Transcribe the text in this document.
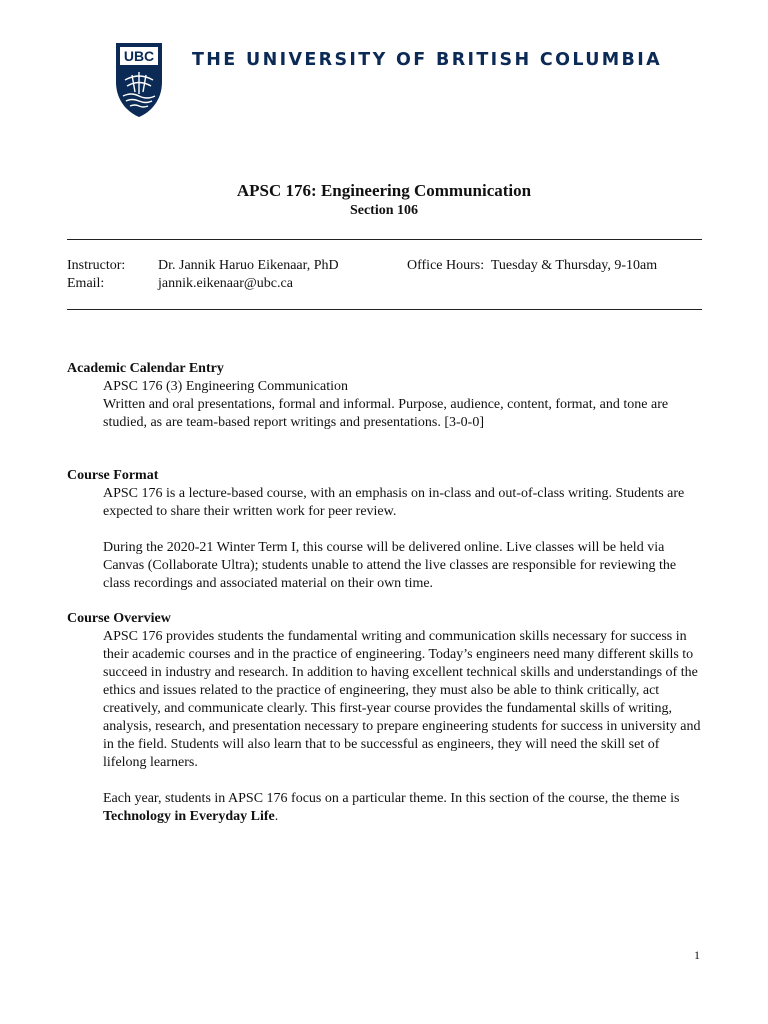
UBC THE UNIVERSITY OF BRITISH COLUMBIA
APSC 176: Engineering Communication
Section 106
Instructor: Dr. Jannik Haruo Eikenaar, PhD	Office Hours: Tuesday & Thursday, 9-10am
Email:	jannik.eikenaar@ubc.ca
Academic Calendar Entry

APSC 176 (3) Engineering Communication

Written and oral presentations, formal and informal. Purpose, audience, content, format, and tone are studied, as are team-based report writings and presentations. [3-0-0]

Course Format
APSC 176 is a lecture-based course, with an emphasis on in-class and out-of-class writing. Students are expected to share their written work for peer review.
During the 2020-21 Winter Term I, this course will be delivered online. Live classes will be held via Canvas (Collaborate Ultra); students unable to attend the live classes are responsible for reviewing the class recordings and associated material on their own time.
Course Overview
APSC 176 provides students the fundamental writing and communication skills necessary for success in their academic courses and in the practice of engineering. Today’s engineers need many different skills to succeed in industry and research. In addition to having excellent technical skills and understandings of the ethics and issues related to the practice of engineering, they must also be able to think critically, act creatively, and communicate clearly. This first-year course provides the fundamental skills of writing, analysis, research, and presentation necessary to prepare engineering students for success in university and in the field. Students will also learn that to be successful as engineers, they will need the skill set of lifelong learners.
Each year, students in APSC 176 focus on a particular theme. In this section of the course, the theme is Technology in Everyday Life.
1
